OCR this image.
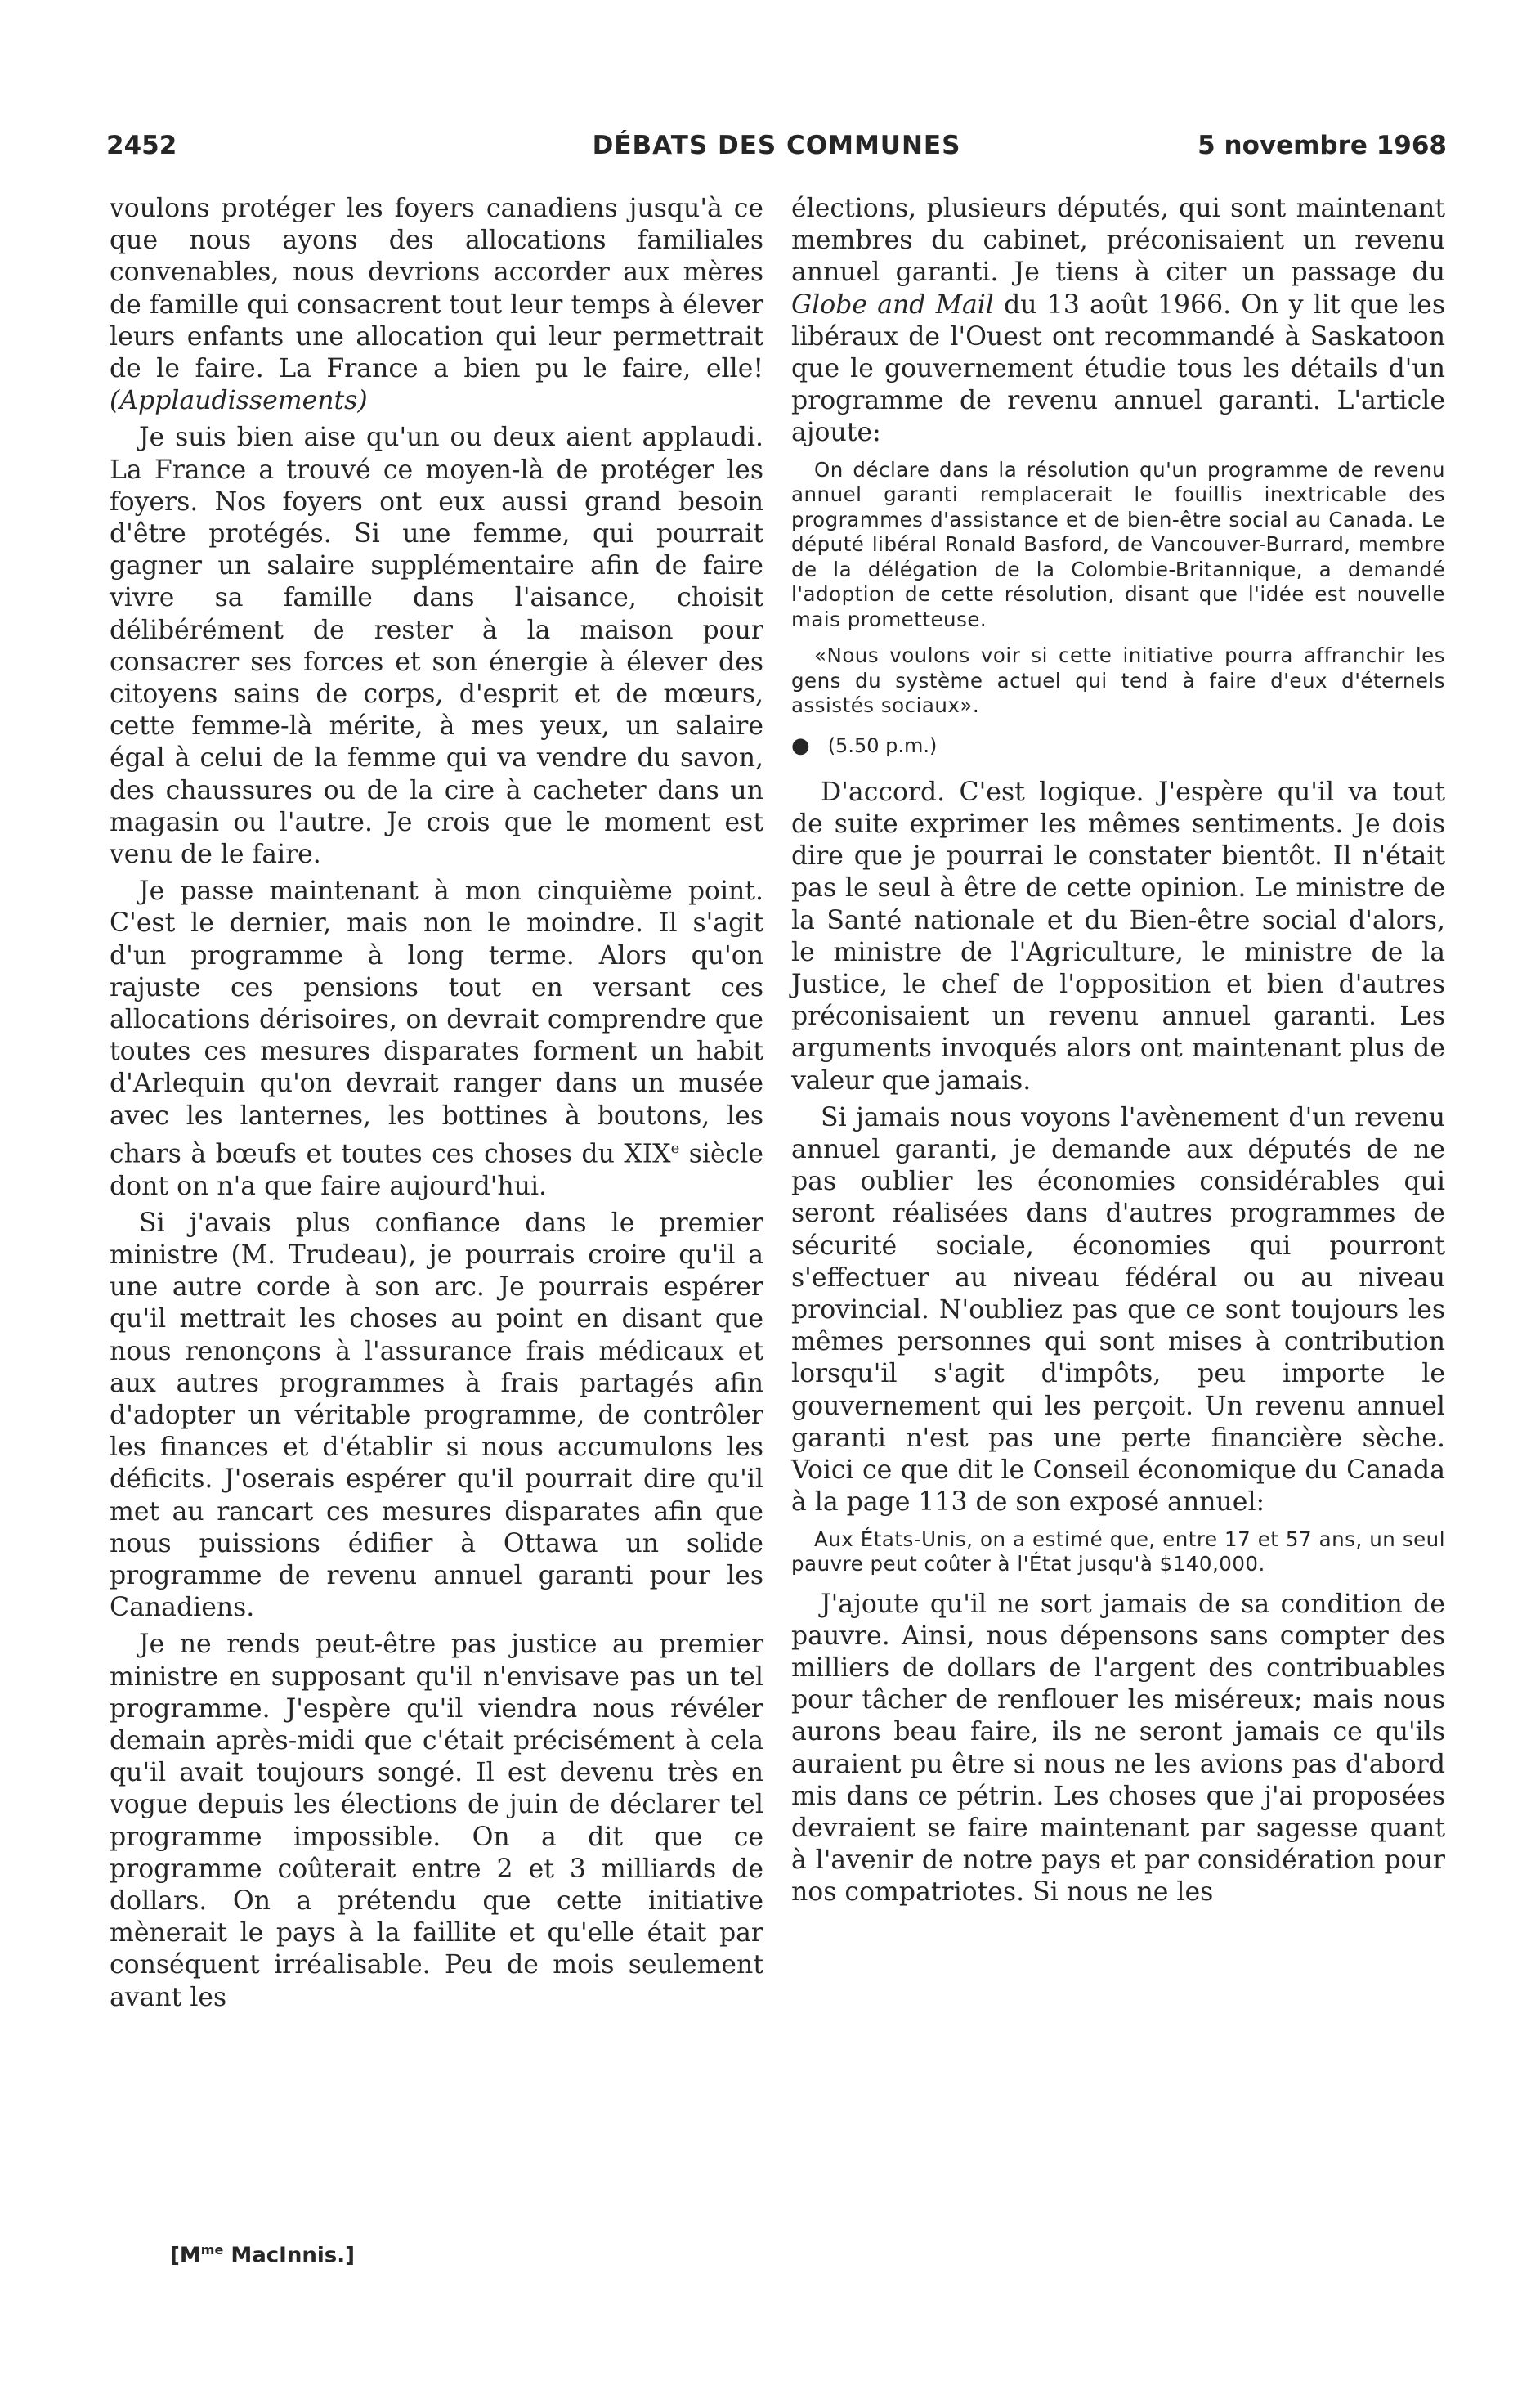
2452	DÉBATS DES COMMUNES	5 novembre 1968

voulons protéger les foyers canadiens jusqu'à ce que nous ayons des allocations familiales convenables, nous devrions accorder aux mères de famille qui consacrent tout leur temps à élever leurs enfants une allocation qui leur permettrait de le faire. La France a bien pu le faire, elle! (Applaudissements)

Je suis bien aise qu'un ou deux aient applaudi. La France a trouvé ce moyen-là de protéger les foyers. Nos foyers ont eux aussi grand besoin d'être protégés. Si une femme, qui pourrait gagner un salaire supplémentaire afin de faire vivre sa famille dans l'aisance, choisit délibérément de rester à la maison pour consacrer ses forces et son énergie à élever des citoyens sains de corps, d'esprit et de mœurs, cette femme-là mérite, à mes yeux, un salaire égal à celui de la femme qui va vendre du savon, des chaussures ou de la cire à cacheter dans un magasin ou l'autre. Je crois que le moment est venu de le faire.

Je passe maintenant à mon cinquième point. C'est le dernier, mais non le moindre. Il s'agit d'un programme à long terme. Alors qu'on rajuste ces pensions tout en versant ces allocations dérisoires, on devrait comprendre que toutes ces mesures disparates forment un habit d'Arlequin qu'on devrait ranger dans un musée avec les lanternes, les bottines à boutons, les chars à bœufs et toutes ces choses du XIXe siècle dont on n'a que faire aujourd'hui.

Si j'avais plus confiance dans le premier ministre (M. Trudeau), je pourrais croire qu'il a une autre corde à son arc. Je pourrais espérer qu'il mettrait les choses au point en disant que nous renonçons à l'assurance frais médicaux et aux autres programmes à frais partagés afin d'adopter un véritable programme, de contrôler les finances et d'établir si nous accumulons les déficits. J'oserais espérer qu'il pourrait dire qu'il met au rancart ces mesures disparates afin que nous puissions édifier à Ottawa un solide programme de revenu annuel garanti pour les Canadiens.

Je ne rends peut-être pas justice au premier ministre en supposant qu'il n'envisave pas un tel programme. J'espère qu'il viendra nous révéler demain après-midi que c'était précisément à cela qu'il avait toujours songé. Il est devenu très en vogue depuis les élections de juin de déclarer tel programme impossible. On a dit que ce programme coûterait entre 2 et 3 milliards de dollars. On a prétendu que cette initiative mènerait le pays à la faillite et qu'elle était par conséquent irréalisable. Peu de mois seulement avant les

élections, plusieurs députés, qui sont maintenant membres du cabinet, préconisaient un revenu annuel garanti. Je tiens à citer un passage du Globe and Mail du 13 août 1966. On y lit que les libéraux de l'Ouest ont recommandé à Saskatoon que le gouvernement étudie tous les détails d'un programme de revenu annuel garanti. L'article ajoute:

On déclare dans la résolution qu'un programme de revenu annuel garanti remplacerait le fouillis inextricable des programmes d'assistance et de bien-être social au Canada. Le député libéral Ronald Basford, de Vancouver-Burrard, membre de la délégation de la Colombie-Britannique, a demandé l'adoption de cette résolution, disant que l'idée est nouvelle mais prometteuse.

«Nous voulons voir si cette initiative pourra affranchir les gens du système actuel qui tend à faire d'eux d'éternels assistés sociaux».

● (5.50 p.m.)

D'accord. C'est logique. J'espère qu'il va tout de suite exprimer les mêmes sentiments. Je dois dire que je pourrai le constater bientôt. Il n'était pas le seul à être de cette opinion. Le ministre de la Santé nationale et du Bien-être social d'alors, le ministre de l'Agriculture, le ministre de la Justice, le chef de l'opposition et bien d'autres préconisaient un revenu annuel garanti. Les arguments invoqués alors ont maintenant plus de valeur que jamais.

Si jamais nous voyons l'avènement d'un revenu annuel garanti, je demande aux députés de ne pas oublier les économies considérables qui seront réalisées dans d'autres programmes de sécurité sociale, économies qui pourront s'effectuer au niveau fédéral ou au niveau provincial. N'oubliez pas que ce sont toujours les mêmes personnes qui sont mises à contribution lorsqu'il s'agit d'impôts, peu importe le gouvernement qui les perçoit. Un revenu annuel garanti n'est pas une perte financière sèche. Voici ce que dit le Conseil économique du Canada à la page 113 de son exposé annuel:

Aux États-Unis, on a estimé que, entre 17 et 57 ans, un seul pauvre peut coûter à l'État jusqu'à $140,000.

J'ajoute qu'il ne sort jamais de sa condition de pauvre. Ainsi, nous dépensons sans compter des milliers de dollars de l'argent des contribuables pour tâcher de renflouer les miséreux; mais nous aurons beau faire, ils ne seront jamais ce qu'ils auraient pu être si nous ne les avions pas d'abord mis dans ce pétrin. Les choses que j'ai proposées devraient se faire maintenant par sagesse quant à l'avenir de notre pays et par considération pour nos compatriotes. Si nous ne les

[$M^{me}$ MacInnis.]
